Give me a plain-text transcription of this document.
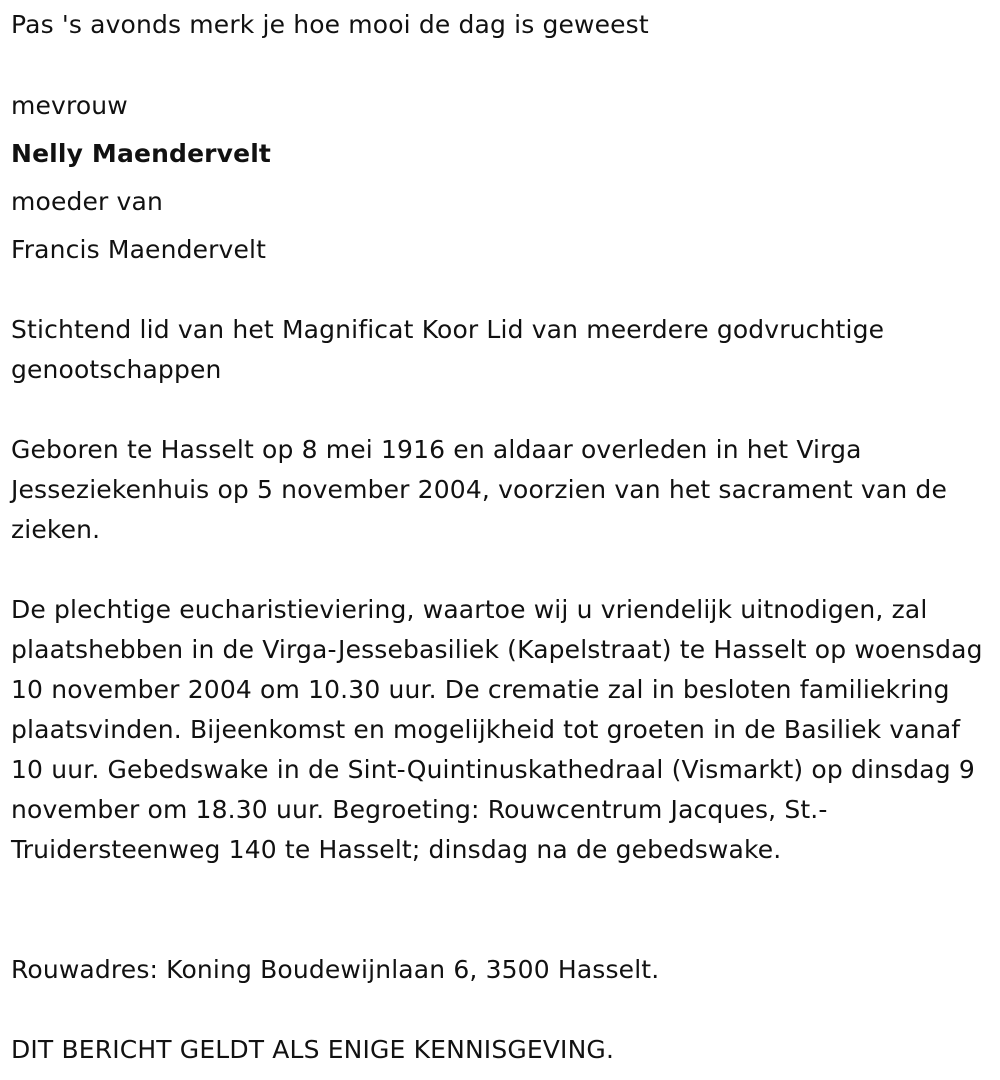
Pas 's avonds merk je hoe mooi de dag is geweest
mevrouw
Nelly Maendervelt
moeder van
Francis Maendervelt
Stichtend lid van het Magnificat Koor Lid van meerdere godvruchtige genootschappen
Geboren te Hasselt op 8 mei 1916 en aldaar overleden in het Virga Jesseziekenhuis op 5 november 2004, voorzien van het sacrament van de zieken.
De plechtige eucharistieviering, waartoe wij u vriendelijk uitnodigen, zal plaatshebben in de Virga-Jessebasiliek (Kapelstraat) te Hasselt op woensdag 10 november 2004 om 10.30 uur. De crematie zal in besloten familiekring plaatsvinden. Bijeenkomst en mogelijkheid tot groeten in de Basiliek vanaf 10 uur. Gebedswake in de Sint-Quintinuskathedraal (Vismarkt) op dinsdag 9 november om 18.30 uur. Begroeting: Rouwcentrum Jacques, St.-Truidersteenweg 140 te Hasselt; dinsdag na de gebedswake.
Rouwadres: Koning Boudewijnlaan 6, 3500 Hasselt.
DIT BERICHT GELDT ALS ENIGE KENNISGEVING.
